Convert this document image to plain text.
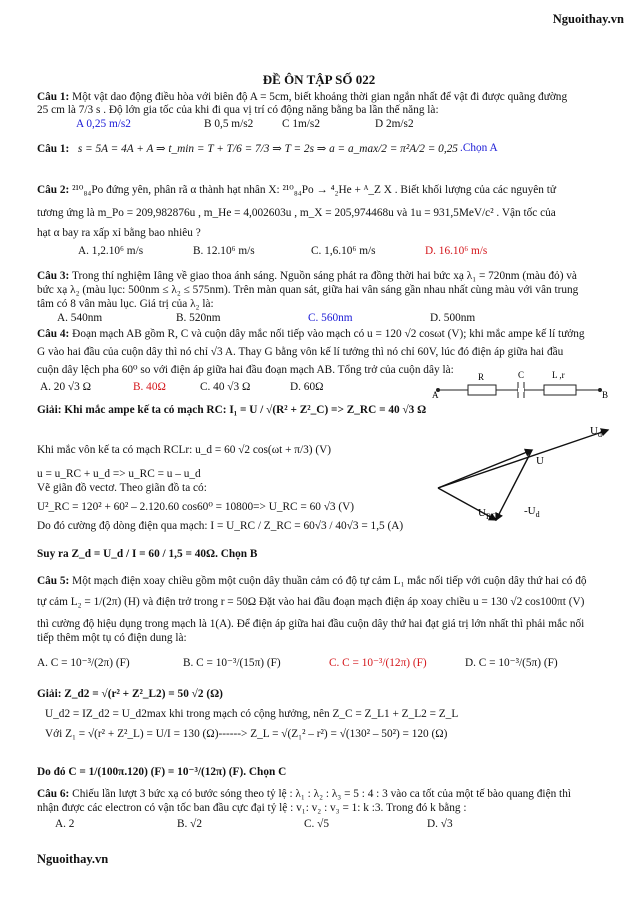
Nguoithay.vn
ĐỀ ÔN TẬP SỐ 022
Nguoithay.vn
Câu 1: Một vật dao động điều hòa với biên độ A = 5cm, biết khoảng thời gian ngắn nhất để vật đi được quãng đường
25 cm là 7/3 s . Độ lớn gia tốc của khi đi qua vị trí có động năng bằng ba lần thế năng là:
A 0,25 m/s2	B 0,5 m/s2	C 1m/s2	D 2m/s2
Câu 1: s = 5A = 4A + A ⇒ t_min = T + T/6 = 7/3 ⇒ T = 2s ⇒ a = a_max/2 = π²A/2 = 0,25 .Chọn A
Câu 2: ²¹⁰₈₄Po đứng yên, phân rã α thành hạt nhân X: ²¹⁰₈₄Po → ⁴₂He + ᴬ_Z X . Biết khối lượng của các nguyên tử
tương ứng là m_Po = 209,982876u , m_He = 4,002603u , m_X = 205,974468u và 1u = 931,5MeV/c² . Vận tốc của
hạt α bay ra xấp xỉ bằng bao nhiêu ?
A. 1,2.10⁶ m/s	B. 12.10⁶ m/s	C. 1,6.10⁶ m/s	D. 16.10⁶ m/s
Câu 3: Trong thí nghiệm Iâng về giao thoa ánh sáng. Nguồn sáng phát ra đồng thời hai bức xạ λ₁ = 720nm (màu đỏ) và
bức xạ λ₂ (màu lục: 500nm ≤ λ₂ ≤ 575nm). Trên màn quan sát, giữa hai vân sáng gần nhau nhất cùng màu với vân trung
tâm có 8 vân màu lục. Giá trị của λ₂ là:
A. 540nm	B. 520nm	C. 560nm	D. 500nm
Câu 4: Đoạn mạch AB gồm R, C và cuộn dây mắc nối tiếp vào mạch có u = 120 √2 cosωt (V); khi mắc ampe kế lí tưởng
G vào hai đầu của cuộn dây thì nó chỉ √3 A. Thay G bằng vôn kế lí tưởng thì nó chỉ 60V, lúc đó điện áp giữa hai đầu
cuộn dây lệch pha 60⁰ so với điện áp giữa hai đầu đoạn mạch AB. Tổng trở của cuộn dây là:
A. 20 √3 Ω	B. 40Ω	C. 40 √3 Ω	D. 60Ω
Giải: Khi mắc ampe kế ta có mạch RC: I₁ = U / √(R² + Z²_C) => Z_RC = 40 √3 Ω
Khi mắc vôn kế ta có mạch RCLr: u_d = 60 √2 cos(ωt + π/3) (V)
u = u_RC + u_d => u_RC = u – u_d
Vẽ giãn đồ vectơ. Theo giãn đồ ta có:
U²_RC = 120² + 60² – 2.120.60 cos60⁰ = 10800=> U_RC = 60 √3 (V)
Do đó cường độ dòng điện qua mạch: I = U_RC / Z_RC = 60√3 / 40√3 = 1,5 (A)
Suy ra Z_d = U_d / I = 60 / 1,5 = 40Ω. Chọn B
A	B
R	C	L ,r
$U_d$
U
$U_{RC}$ $-U_d$
Câu 5: Một mạch điện xoay chiều gồm một cuộn dây thuần cảm có độ tự cảm L₁ mắc nối tiếp với cuộn dây thứ hai có độ
tự cảm L₂ = 1/(2π) (H) và điện trở trong r = 50Ω Đặt vào hai đầu đoạn mạch điện áp xoay chiều u = 130 √2 cos100πt (V)
thì cường độ hiệu dụng trong mạch là 1(A). Để điện áp giữa hai đầu cuộn dây thứ hai đạt giá trị lớn nhất thì phải mắc nối
tiếp thêm một tụ có điện dung là:
A. C = 10⁻³/(2π) (F)	B. C = 10⁻³/(15π) (F)	C. C = 10⁻³/(12π) (F)	D. C = 10⁻³/(5π) (F)
Giải: Z_d2 = √(r² + Z²_L2) = 50 √2 (Ω)
U_d2 = IZ_d2 = U_d2max khi trong mạch có cộng hưởng, nên Z_C = Z_L1 + Z_L2 = Z_L
Với Z₁ = √(r² + Z²_L) = U/I = 130 (Ω)------> Z_L = √(Z₁² – r²) = √(130² – 50²) = 120 (Ω)
Do đó C = 1/(100π.120) (F) = 10⁻³/(12π) (F). Chọn C
Câu 6: Chiếu lần lượt 3 bức xạ có bước sóng theo tỷ lệ : λ₁ : λ₂ : λ₃ = 5 : 4 : 3 vào ca tốt của một tế bào quang điện thì
nhận được các electron có vận tốc ban đầu cực đại tỷ lệ : v₁: v₂ : v₃ = 1: k :3. Trong đó k bằng :
A. 2	B. √2	C. √5	D. √3
